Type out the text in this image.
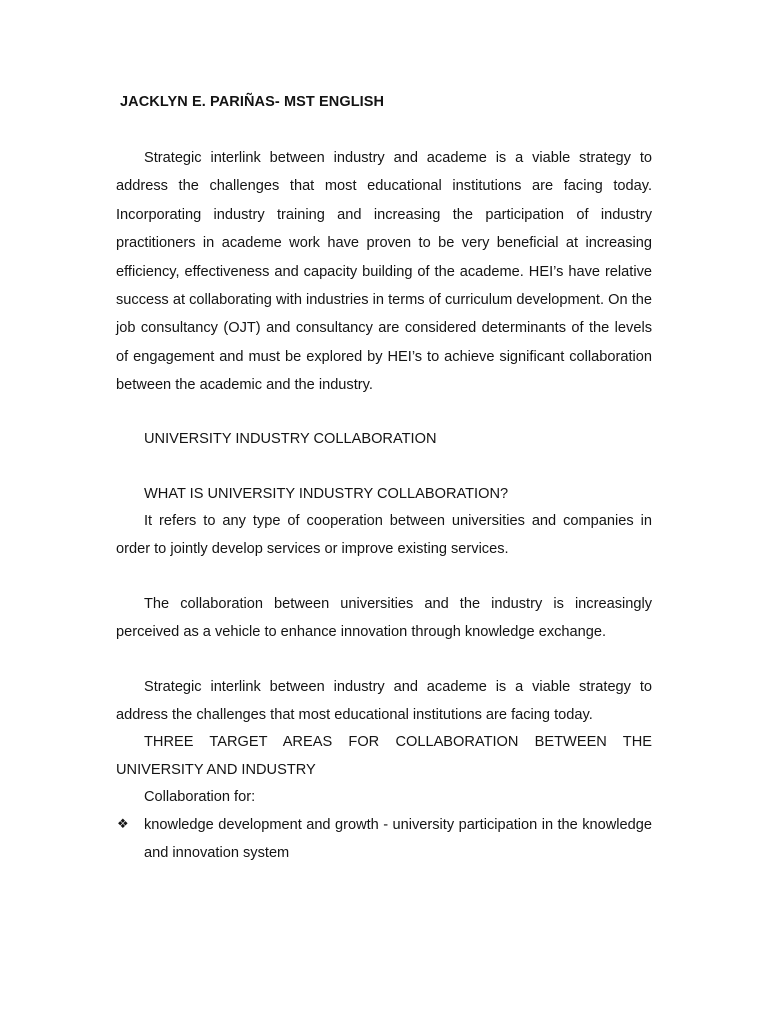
JACKLYN E. PARIÑAS- MST ENGLISH

Strategic interlink between industry and academe is a viable strategy to address the challenges that most educational institutions are facing today. Incorporating industry training and increasing the participation of industry practitioners in academe work have proven to be very beneficial at increasing efficiency, effectiveness and capacity building of the academe. HEI’s have relative success at collaborating with industries in terms of curriculum development. On the job consultancy (OJT) and consultancy are considered determinants of the levels of engagement and must be explored by HEI’s to achieve significant collaboration between the academic and the industry.

UNIVERSITY INDUSTRY COLLABORATION

WHAT IS UNIVERSITY INDUSTRY COLLABORATION?

It refers to any type of cooperation between universities and companies in order to jointly develop services or improve existing services.

The collaboration between universities and the industry is increasingly perceived as a vehicle to enhance innovation through knowledge exchange.

Strategic interlink between industry and academe is a viable strategy to address the challenges that most educational institutions are facing today.

THREE TARGET AREAS FOR COLLABORATION BETWEEN THE UNIVERSITY AND INDUSTRY

Collaboration for:

❖ knowledge development and growth - university participation in the knowledge and innovation system
